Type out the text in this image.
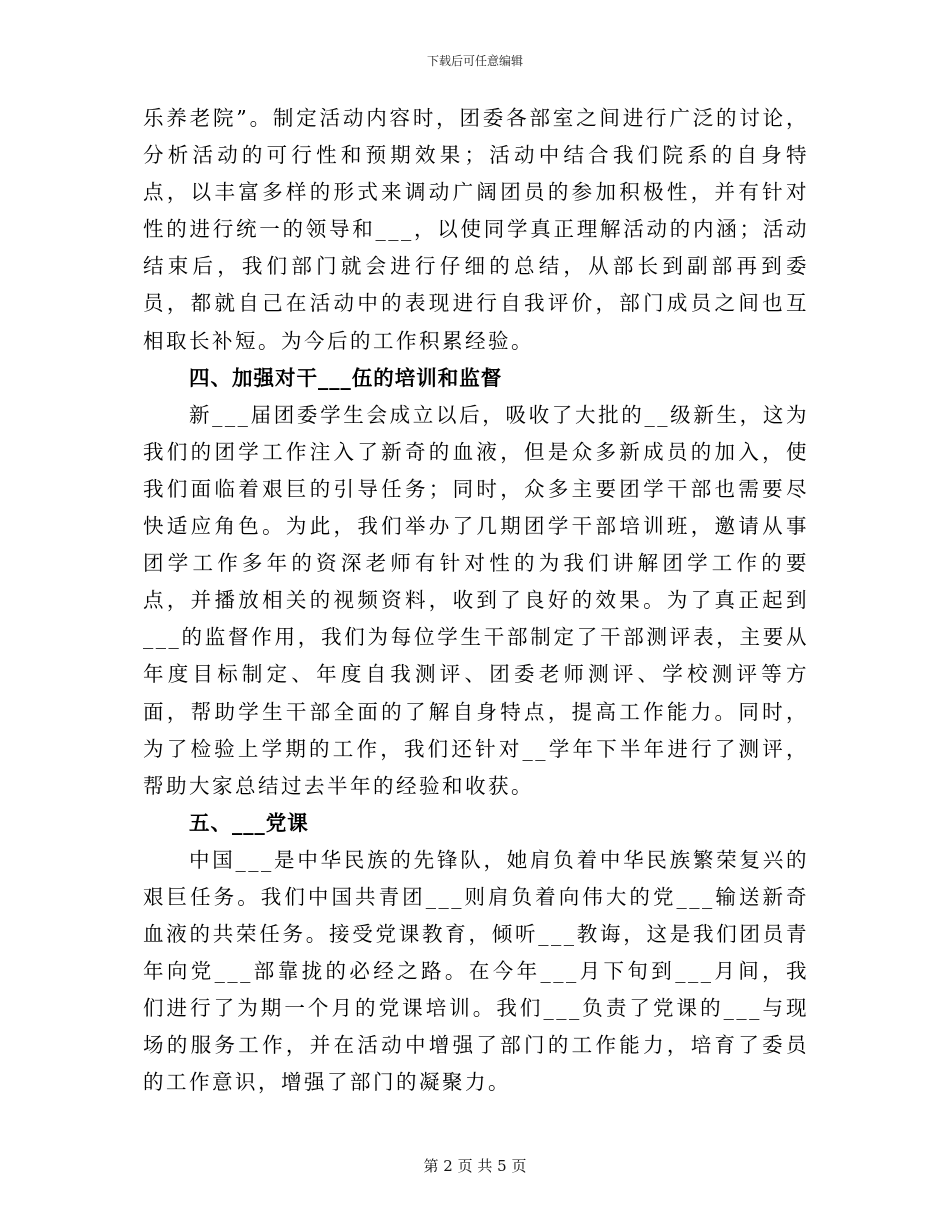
下载后可任意编辑

乐养老院”。制定活动内容时，团委各部室之间进行广泛的讨论，分析活动的可行性和预期效果；活动中结合我们院系的自身特点，以丰富多样的形式来调动广阔团员的参加积极性，并有针对性的进行统一的领导和___，以使同学真正理解活动的内涵；活动结束后，我们部门就会进行仔细的总结，从部长到副部再到委员，都就自己在活动中的表现进行自我评价，部门成员之间也互相取长补短。为今后的工作积累经验。

四、加强对干___伍的培训和监督

新___届团委学生会成立以后，吸收了大批的__级新生，这为我们的团学工作注入了新奇的血液，但是众多新成员的加入，使我们面临着艰巨的引导任务；同时，众多主要团学干部也需要尽快适应角色。为此，我们举办了几期团学干部培训班，邀请从事团学工作多年的资深老师有针对性的为我们讲解团学工作的要点，并播放相关的视频资料，收到了良好的效果。为了真正起到___的监督作用，我们为每位学生干部制定了干部测评表，主要从年度目标制定、年度自我测评、团委老师测评、学校测评等方面，帮助学生干部全面的了解自身特点，提高工作能力。同时，为了检验上学期的工作，我们还针对__学年下半年进行了测评，帮助大家总结过去半年的经验和收获。

五、___党课

中国___是中华民族的先锋队，她肩负着中华民族繁荣复兴的艰巨任务。我们中国共青团___则肩负着向伟大的党___输送新奇血液的共荣任务。接受党课教育，倾听___教诲，这是我们团员青年向党___部靠拢的必经之路。在今年___月下旬到___月间，我们进行了为期一个月的党课培训。我们___负责了党课的___与现场的服务工作，并在活动中增强了部门的工作能力，培育了委员的工作意识，增强了部门的凝聚力。

第 2 页 共 5 页
